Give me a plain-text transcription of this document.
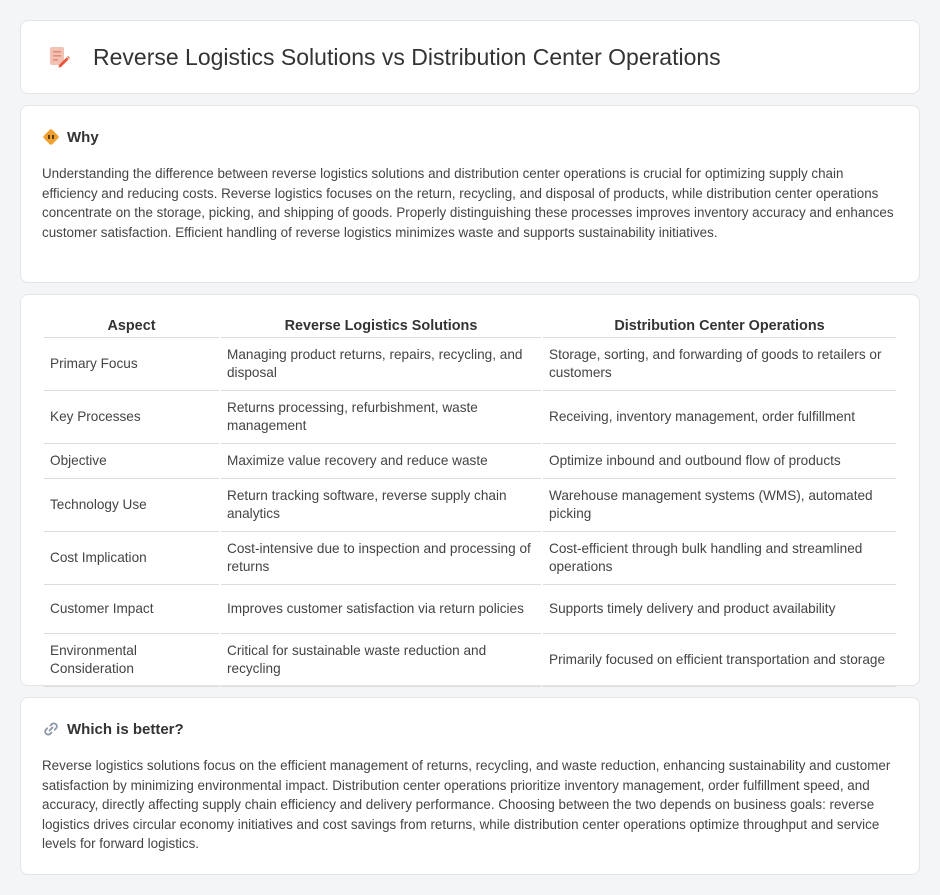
Reverse Logistics Solutions vs Distribution Center Operations
Why

Understanding the difference between reverse logistics solutions and distribution center operations is crucial for optimizing supply chain efficiency and reducing costs. Reverse logistics focuses on the return, recycling, and disposal of products, while distribution center operations concentrate on the storage, picking, and shipping of goods. Properly distinguishing these processes improves inventory accuracy and enhances customer satisfaction. Efficient handling of reverse logistics minimizes waste and supports sustainability initiatives.

Aspect	Reverse Logistics Solutions	Distribution Center Operations
Primary Focus	Managing product returns, repairs, recycling, and disposal	Storage, sorting, and forwarding of goods to retailers or customers
Key Processes	Returns processing, refurbishment, waste management	Receiving, inventory management, order fulfillment
Objective	Maximize value recovery and reduce waste	Optimize inbound and outbound flow of products
Technology Use	Return tracking software, reverse supply chain analytics	Warehouse management systems (WMS), automated picking
Cost Implication	Cost-intensive due to inspection and processing of returns	Cost-efficient through bulk handling and streamlined operations
Customer Impact	Improves customer satisfaction via return policies	Supports timely delivery and product availability
Environmental Consideration	Critical for sustainable waste reduction and recycling	Primarily focused on efficient transportation and storage
Which is better?

Reverse logistics solutions focus on the efficient management of returns, recycling, and waste reduction, enhancing sustainability and customer satisfaction by minimizing environmental impact. Distribution center operations prioritize inventory management, order fulfillment speed, and accuracy, directly affecting supply chain efficiency and delivery performance. Choosing between the two depends on business goals: reverse logistics drives circular economy initiatives and cost savings from returns, while distribution center operations optimize throughput and service levels for forward logistics.
